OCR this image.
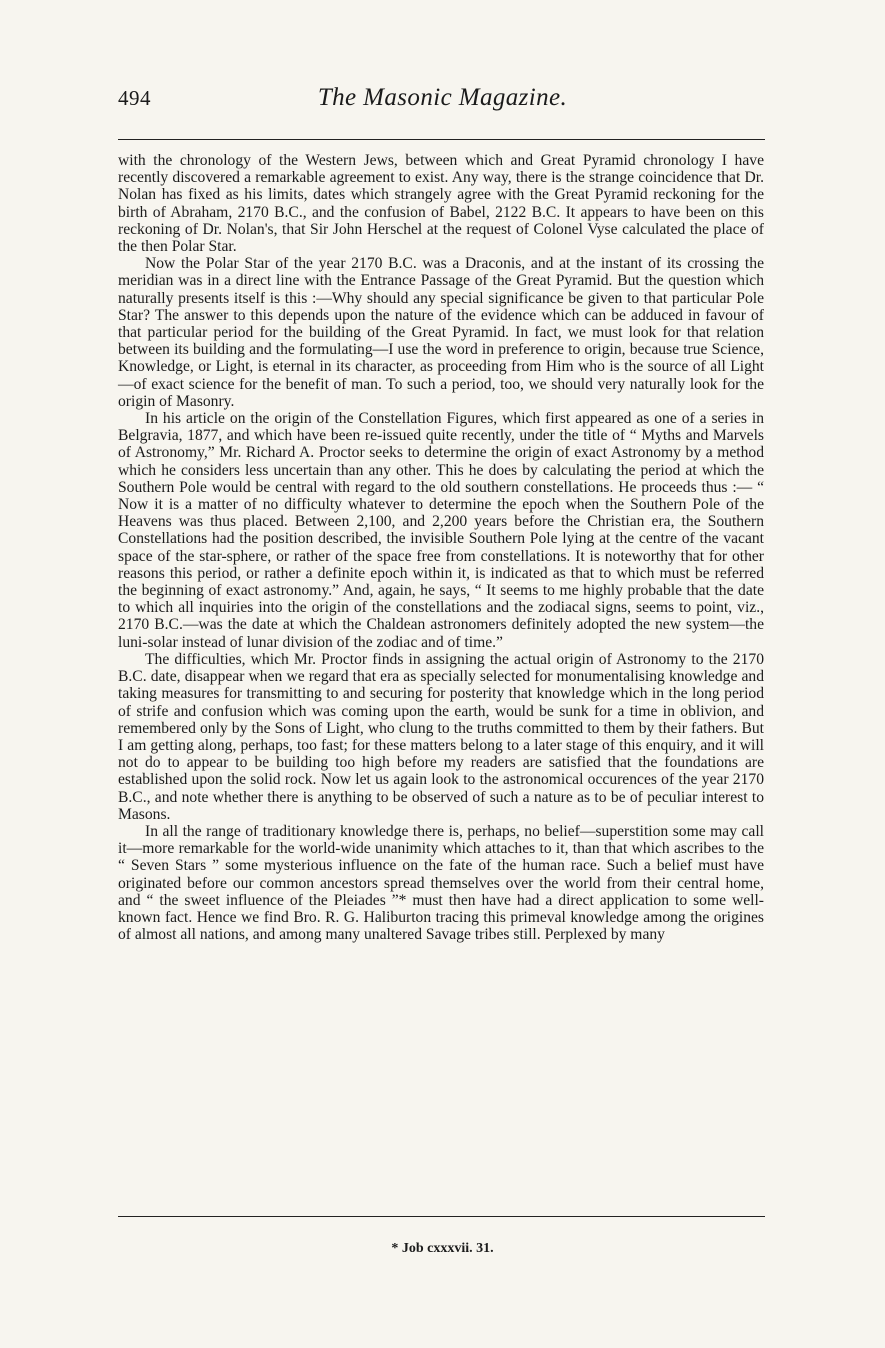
494	The Masonic Magazine.

with the chronology of the Western Jews, between which and Great Pyramid chronology I have recently discovered a remarkable agreement to exist. Any way, there is the strange coincidence that Dr. Nolan has fixed as his limits, dates which strangely agree with the Great Pyramid reckoning for the birth of Abraham, 2170 B.C., and the confusion of Babel, 2122 B.C. It appears to have been on this reckoning of Dr. Nolan's, that Sir John Herschel at the request of Colonel Vyse calculated the place of the then Polar Star.

Now the Polar Star of the year 2170 B.C. was a Draconis, and at the instant of its crossing the meridian was in a direct line with the Entrance Passage of the Great Pyramid. But the question which naturally presents itself is this :—Why should any special significance be given to that particular Pole Star? The answer to this depends upon the nature of the evidence which can be adduced in favour of that particular period for the building of the Great Pyramid. In fact, we must look for that relation between its building and the formulating—I use the word in preference to origin, because true Science, Knowledge, or Light, is eternal in its character, as proceeding from Him who is the source of all Light—of exact science for the benefit of man. To such a period, too, we should very naturally look for the origin of Masonry.

In his article on the origin of the Constellation Figures, which first appeared as one of a series in Belgravia, 1877, and which have been re-issued quite recently, under the title of “ Myths and Marvels of Astronomy,” Mr. Richard A. Proctor seeks to determine the origin of exact Astronomy by a method which he considers less uncertain than any other. This he does by calculating the period at which the Southern Pole would be central with regard to the old southern constellations. He proceeds thus :— “ Now it is a matter of no difficulty whatever to determine the epoch when the Southern Pole of the Heavens was thus placed. Between 2,100, and 2,200 years before the Christian era, the Southern Constellations had the position described, the invisible Southern Pole lying at the centre of the vacant space of the star-sphere, or rather of the space free from constellations. It is noteworthy that for other reasons this period, or rather a definite epoch within it, is indicated as that to which must be referred the beginning of exact astronomy.” And, again, he says, “ It seems to me highly probable that the date to which all inquiries into the origin of the constellations and the zodiacal signs, seems to point, viz., 2170 B.C.—was the date at which the Chaldean astronomers definitely adopted the new system—the luni-solar instead of lunar division of the zodiac and of time.”

The difficulties, which Mr. Proctor finds in assigning the actual origin of Astronomy to the 2170 B.C. date, disappear when we regard that era as specially selected for monumentalising knowledge and taking measures for transmitting to and securing for posterity that knowledge which in the long period of strife and confusion which was coming upon the earth, would be sunk for a time in oblivion, and remembered only by the Sons of Light, who clung to the truths committed to them by their fathers. But I am getting along, perhaps, too fast; for these matters belong to a later stage of this enquiry, and it will not do to appear to be building too high before my readers are satisfied that the foundations are established upon the solid rock. Now let us again look to the astronomical occurences of the year 2170 B.C., and note whether there is anything to be observed of such a nature as to be of peculiar interest to Masons.

In all the range of traditionary knowledge there is, perhaps, no belief—superstition some may call it—more remarkable for the world-wide unanimity which attaches to it, than that which ascribes to the “ Seven Stars ” some mysterious influence on the fate of the human race. Such a belief must have originated before our common ancestors spread themselves over the world from their central home, and “ the sweet influence of the Pleiades ”* must then have had a direct application to some well-known fact. Hence we find Bro. R. G. Haliburton tracing this primeval knowledge among the origines of almost all nations, and among many unaltered Savage tribes still. Perplexed by many

* Job cxxxvii. 31.
